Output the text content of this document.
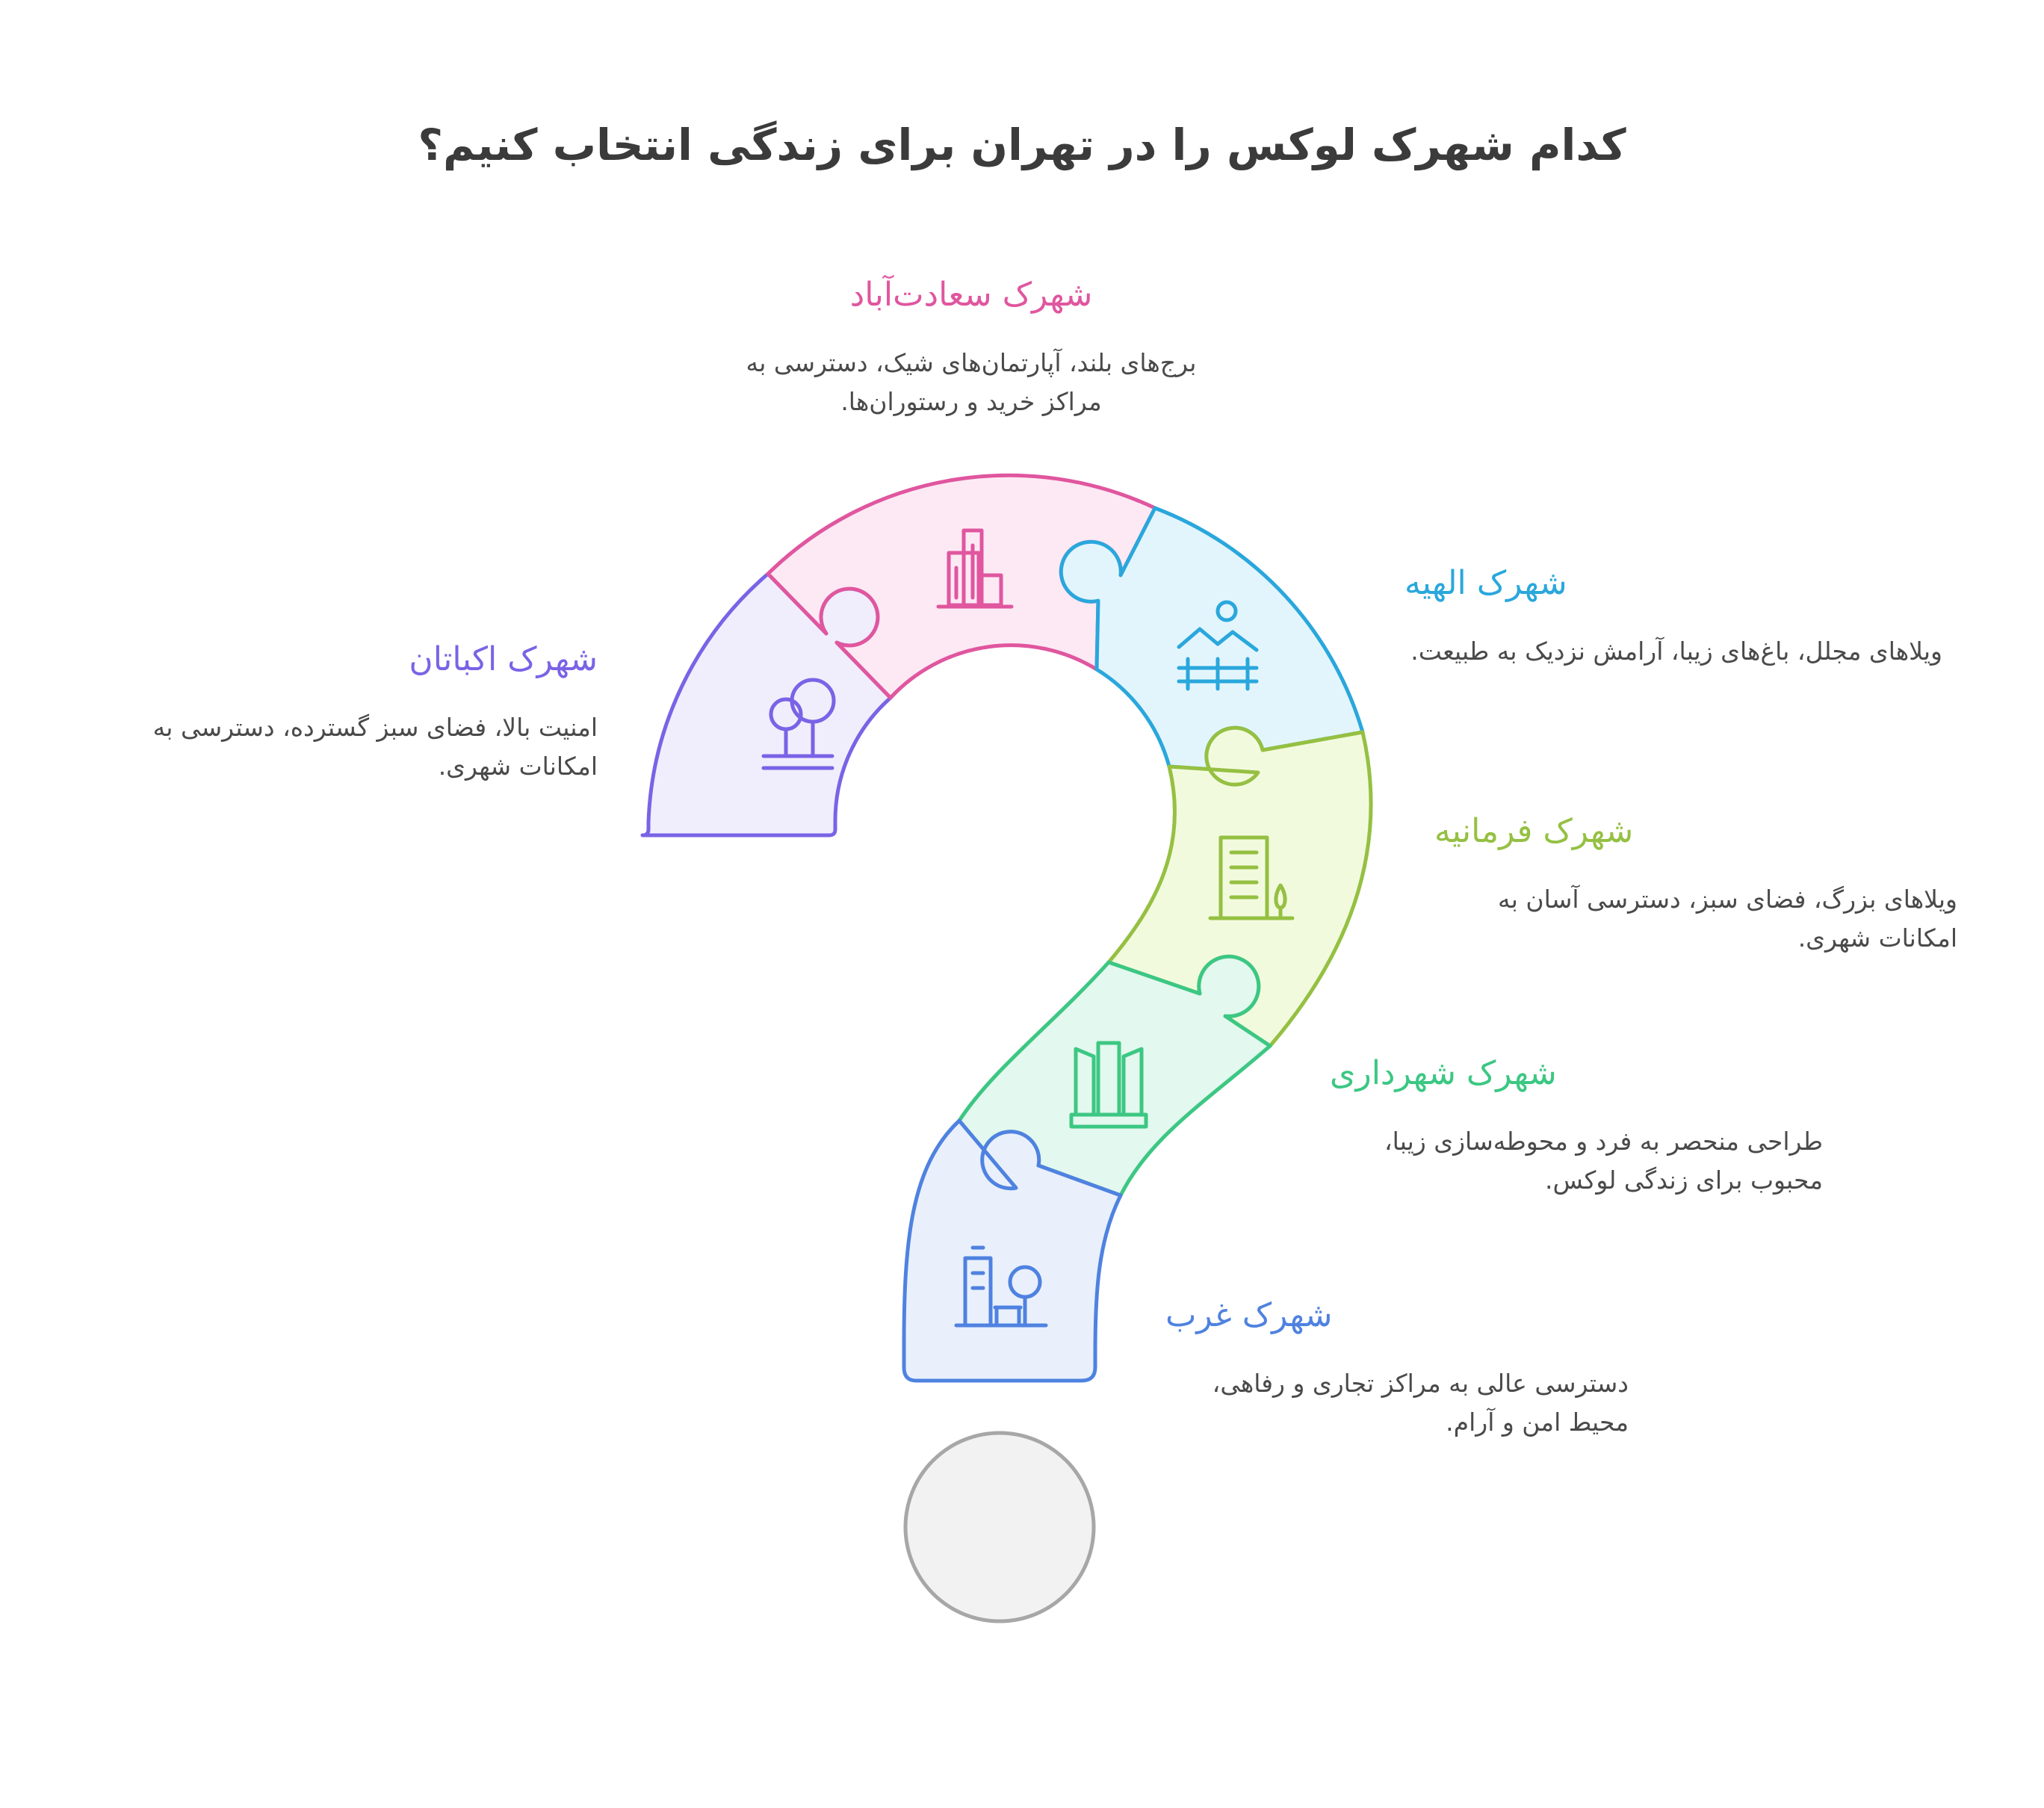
کدام شهرک لوکس را در تهران برای زندگی انتخاب کنیم؟
شهرک اکباتان
امنیت بالا، فضای سبز گسترده، دسترسی به امکانات شهری.
شهرک سعادت‌آباد
برج‌های بلند، آپارتمان‌های شیک، دسترسی به مراکز خرید و رستوران‌ها.
شهرک الهیه
ویلاهای مجلل، باغ‌های زیبا، آرامش نزدیک به طبیعت.
شهرک فرمانیه
ویلاهای بزرگ، فضای سبز، دسترسی آسان به امکانات شهری.
شهرک شهرداری
طراحی منحصر به فرد و محوطه‌سازی زیبا، محبوب برای زندگی لوکس.
شهرک غرب
دسترسی عالی به مراکز تجاری و رفاهی، محیط امن و آرام.
